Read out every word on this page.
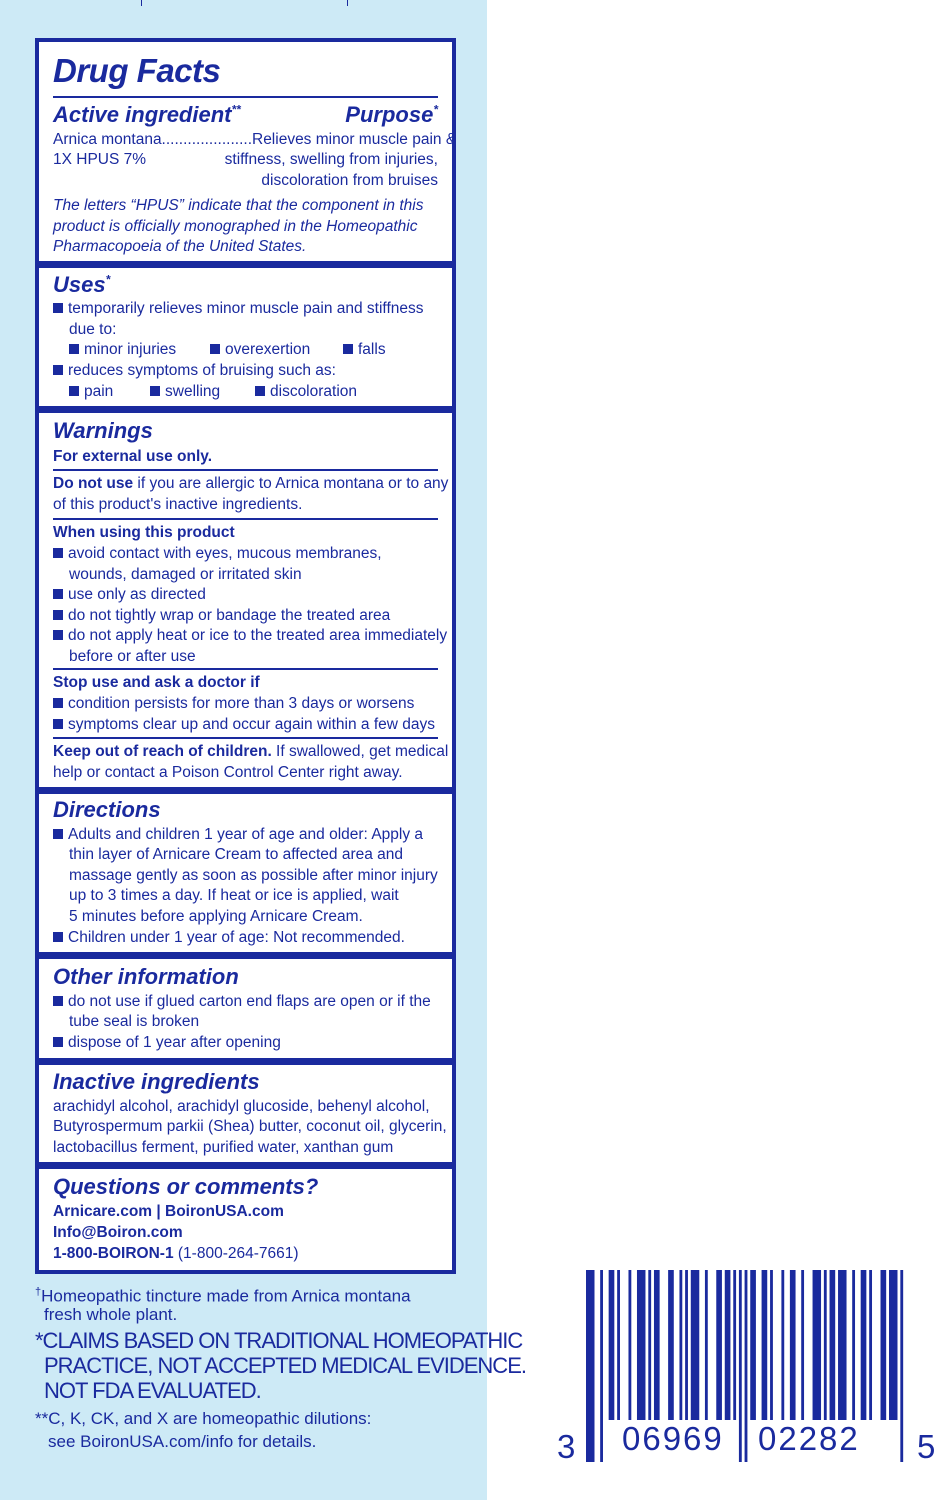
Drug Facts
Active ingredient**	Purpose*
Arnica montana.....................Relieves minor muscle pain &
1X HPUS 7%	stiffness, swelling from injuries,
discoloration from bruises
The letters “HPUS” indicate that the component in this
product is officially monographed in the Homeopathic
Pharmacopoeia of the United States.
Uses*
temporarily relieves minor muscle pain and stiffness
due to:
minor injuries	overexertion	falls
reduces symptoms of bruising such as:
pain	swelling	discoloration
Warnings
For external use only.
Do not use if you are allergic to Arnica montana or to any
of this product's inactive ingredients.
When using this product
avoid contact with eyes, mucous membranes,
wounds, damaged or irritated skin
use only as directed
do not tightly wrap or bandage the treated area
do not apply heat or ice to the treated area immediately
before or after use
Stop use and ask a doctor if
condition persists for more than 3 days or worsens
symptoms clear up and occur again within a few days
Keep out of reach of children. If swallowed, get medical
help or contact a Poison Control Center right away.
Directions
Adults and children 1 year of age and older: Apply a
thin layer of Arnicare Cream to affected area and
massage gently as soon as possible after minor injury
up to 3 times a day. If heat or ice is applied, wait
5 minutes before applying Arnicare Cream.
Children under 1 year of age: Not recommended.
Other information
do not use if glued carton end flaps are open or if the
tube seal is broken
dispose of 1 year after opening
Inactive ingredients
arachidyl alcohol, arachidyl glucoside, behenyl alcohol,
Butyrospermum parkii (Shea) butter, coconut oil, glycerin,
lactobacillus ferment, purified water, xanthan gum
Questions or comments?
Arnicare.com | BoironUSA.com
Info@Boiron.com
1-800-BOIRON-1 (1-800-264-7661)
†Homeopathic tincture made from Arnica montana
fresh whole plant.
*CLAIMS BASED ON TRADITIONAL HOMEOPATHIC
PRACTICE, NOT ACCEPTED MEDICAL EVIDENCE.
NOT FDA EVALUATED.
**C, K, CK, and X are homeopathic dilutions:
see BoironUSA.com/info for details.	3 06969 02282 5
